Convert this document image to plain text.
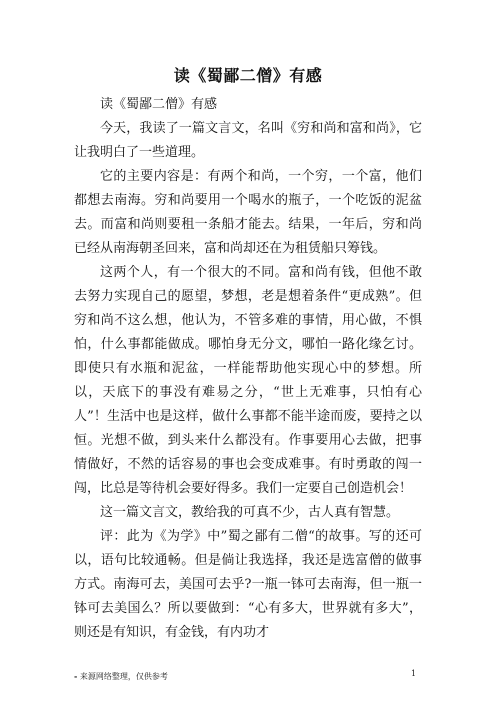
读《蜀鄙二僧》有感

读《蜀鄙二僧》有感

今天，我读了一篇文言文，名叫《穷和尚和富和尚》，它让我明白了一些道理。

它的主要内容是：有两个和尚，一个穷，一个富，他们都想去南海。穷和尚要用一个喝水的瓶子，一个吃饭的泥盆去。而富和尚则要租一条船才能去。结果，一年后，穷和尚已经从南海朝圣回来，富和尚却还在为租赁船只筹钱。

这两个人，有一个很大的不同。富和尚有钱，但他不敢去努力实现自己的愿望，梦想，老是想着条件“更成熟”。但穷和尚不这么想，他认为，不管多难的事情，用心做，不惧怕，什么事都能做成。哪怕身无分文，哪怕一路化缘乞讨。即使只有水瓶和泥盆，一样能帮助他实现心中的梦想。所以，天底下的事没有难易之分，“世上无难事，只怕有心人”！生活中也是这样，做什么事都不能半途而废，要持之以恒。光想不做，到头来什么都没有。作事要用心去做，把事情做好，不然的话容易的事也会变成难事。有时勇敢的闯一闯，比总是等待机会要好得多。我们一定要自己创造机会！

这一篇文言文，教给我的可真不少，古人真有智慧。

评：此为《为学》中”蜀之鄙有二僧“的故事。写的还可以，语句比较通畅。但是倘让我选择，我还是选富僧的做事方式。南海可去，美国可去乎?一瓶一钵可去南海，但一瓶一钵可去美国么？所以要做到：“心有多大，世界就有多大”，则还是有知识，有金钱，有内功才

- 来源网络整理，仅供参考	1
